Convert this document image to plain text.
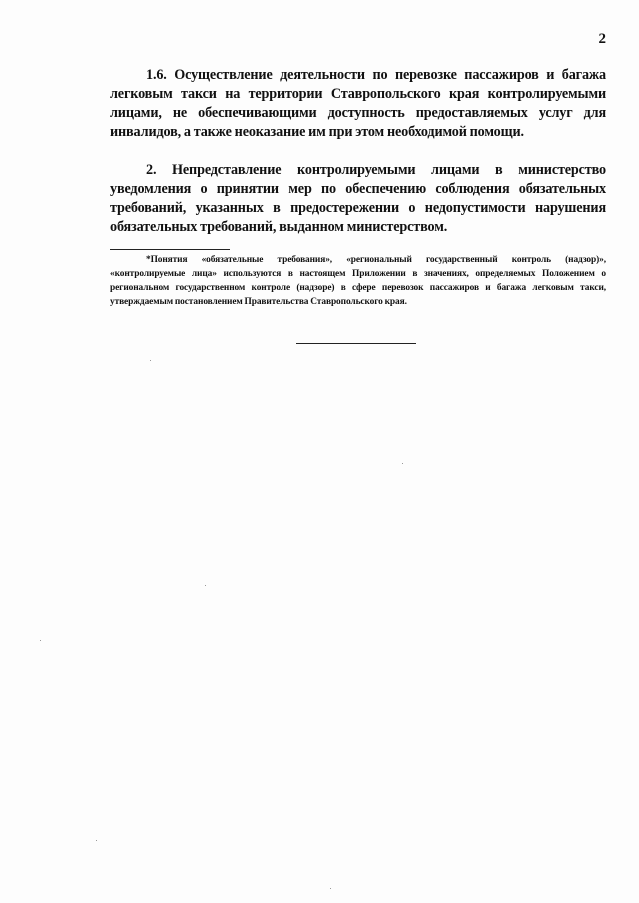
2

1.6. Осуществление деятельности по перевозке пассажиров и багажа легковым такси на территории Ставропольского края контролируемыми лицами, не обеспечивающими доступность предоставляемых услуг для инвалидов, а также неоказание им при этом необходимой помощи.

2. Непредставление контролируемыми лицами в министерство уведомления о принятии мер по обеспечению соблюдения обязательных требований, указанных в предостережении о недопустимости нарушения обязательных требований, выданном министерством.

*Понятия «обязательные требования», «региональный государственный контроль (надзор)», «контролируемые лица» используются в настоящем Приложении в значениях, определяемых Положением о региональном государственном контроле (надзоре) в сфере перевозок пассажиров и багажа легковым такси, утверждаемым постановлением Правительства Ставропольского края.
